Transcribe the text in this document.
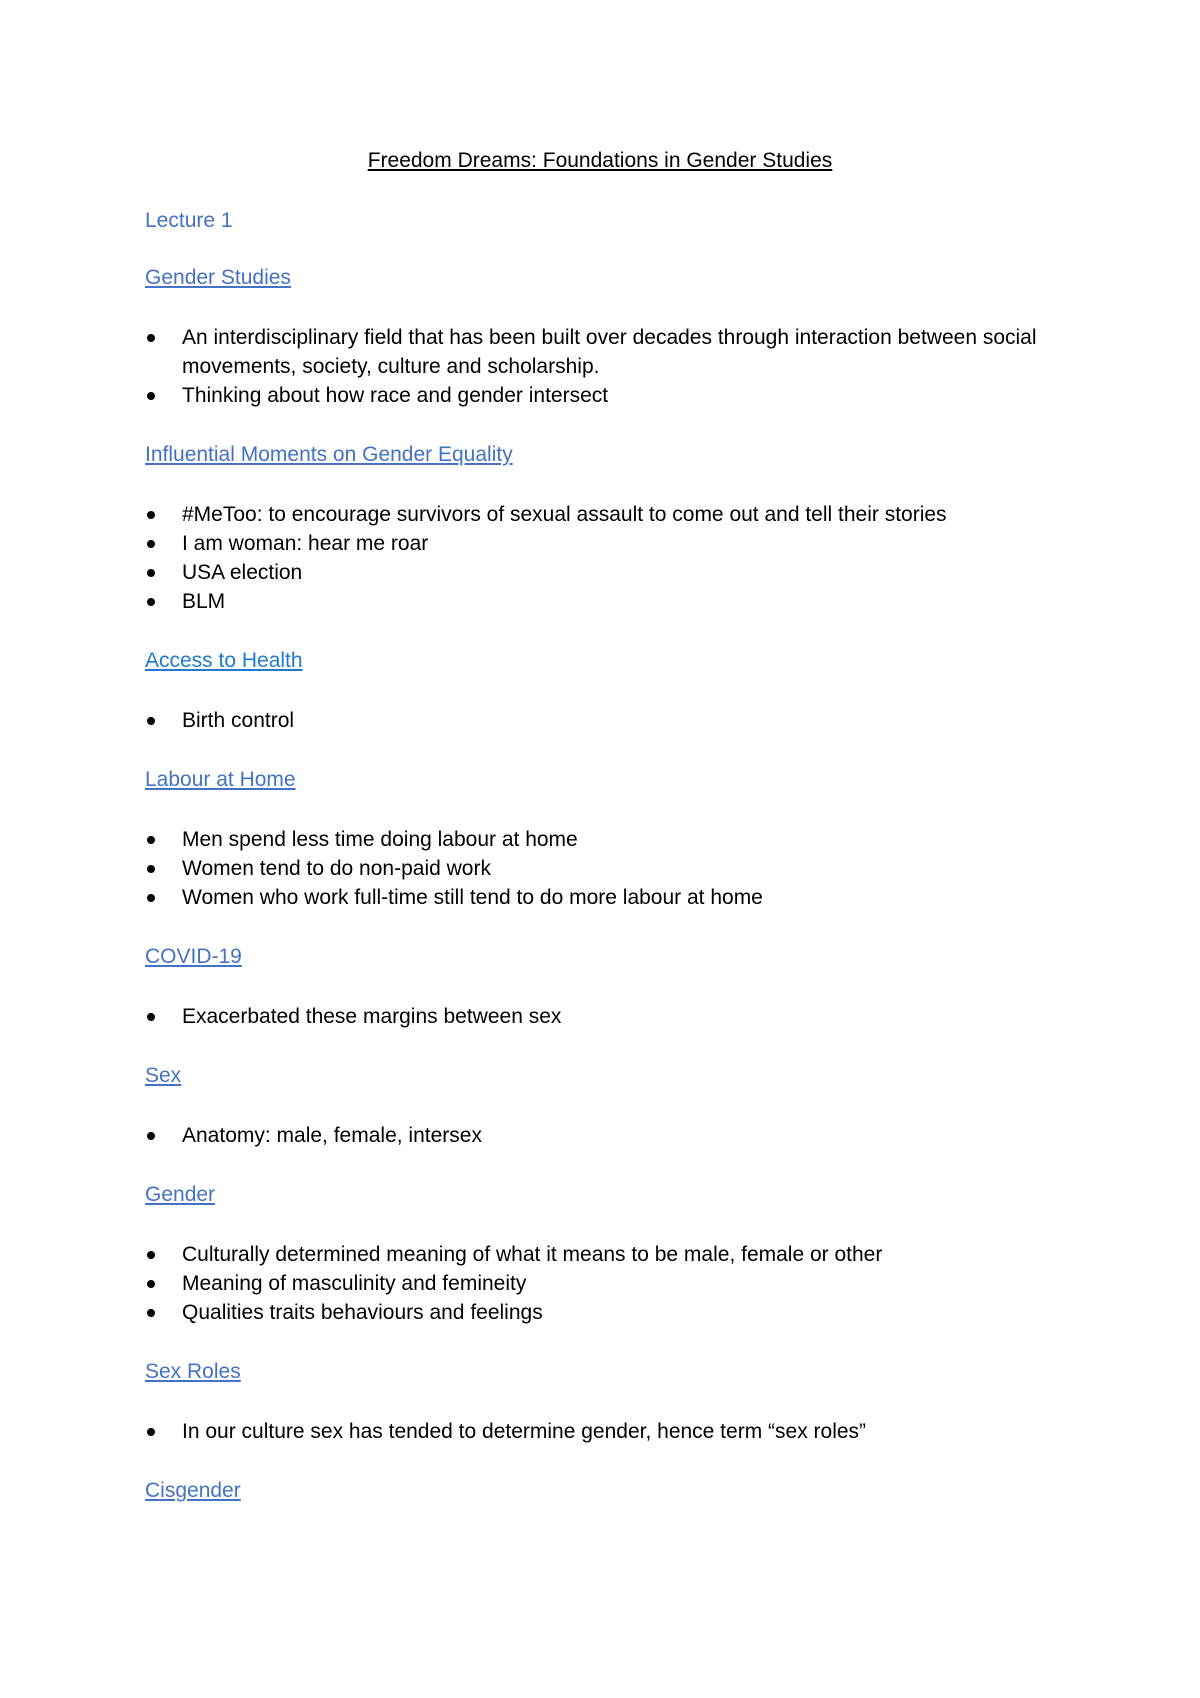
Freedom Dreams: Foundations in Gender Studies
Lecture 1
Gender Studies
An interdisciplinary field that has been built over decades through interaction between social movements, society, culture and scholarship.
Thinking about how race and gender intersect
Influential Moments on Gender Equality
#MeToo: to encourage survivors of sexual assault to come out and tell their stories
I am woman: hear me roar
USA election
BLM
Access to Health
Birth control
Labour at Home
Men spend less time doing labour at home
Women tend to do non-paid work
Women who work full-time still tend to do more labour at home
COVID-19
Exacerbated these margins between sex
Sex
Anatomy: male, female, intersex
Gender
Culturally determined meaning of what it means to be male, female or other
Meaning of masculinity and femineity
Qualities traits behaviours and feelings
Sex Roles
In our culture sex has tended to determine gender, hence term “sex roles”
Cisgender
